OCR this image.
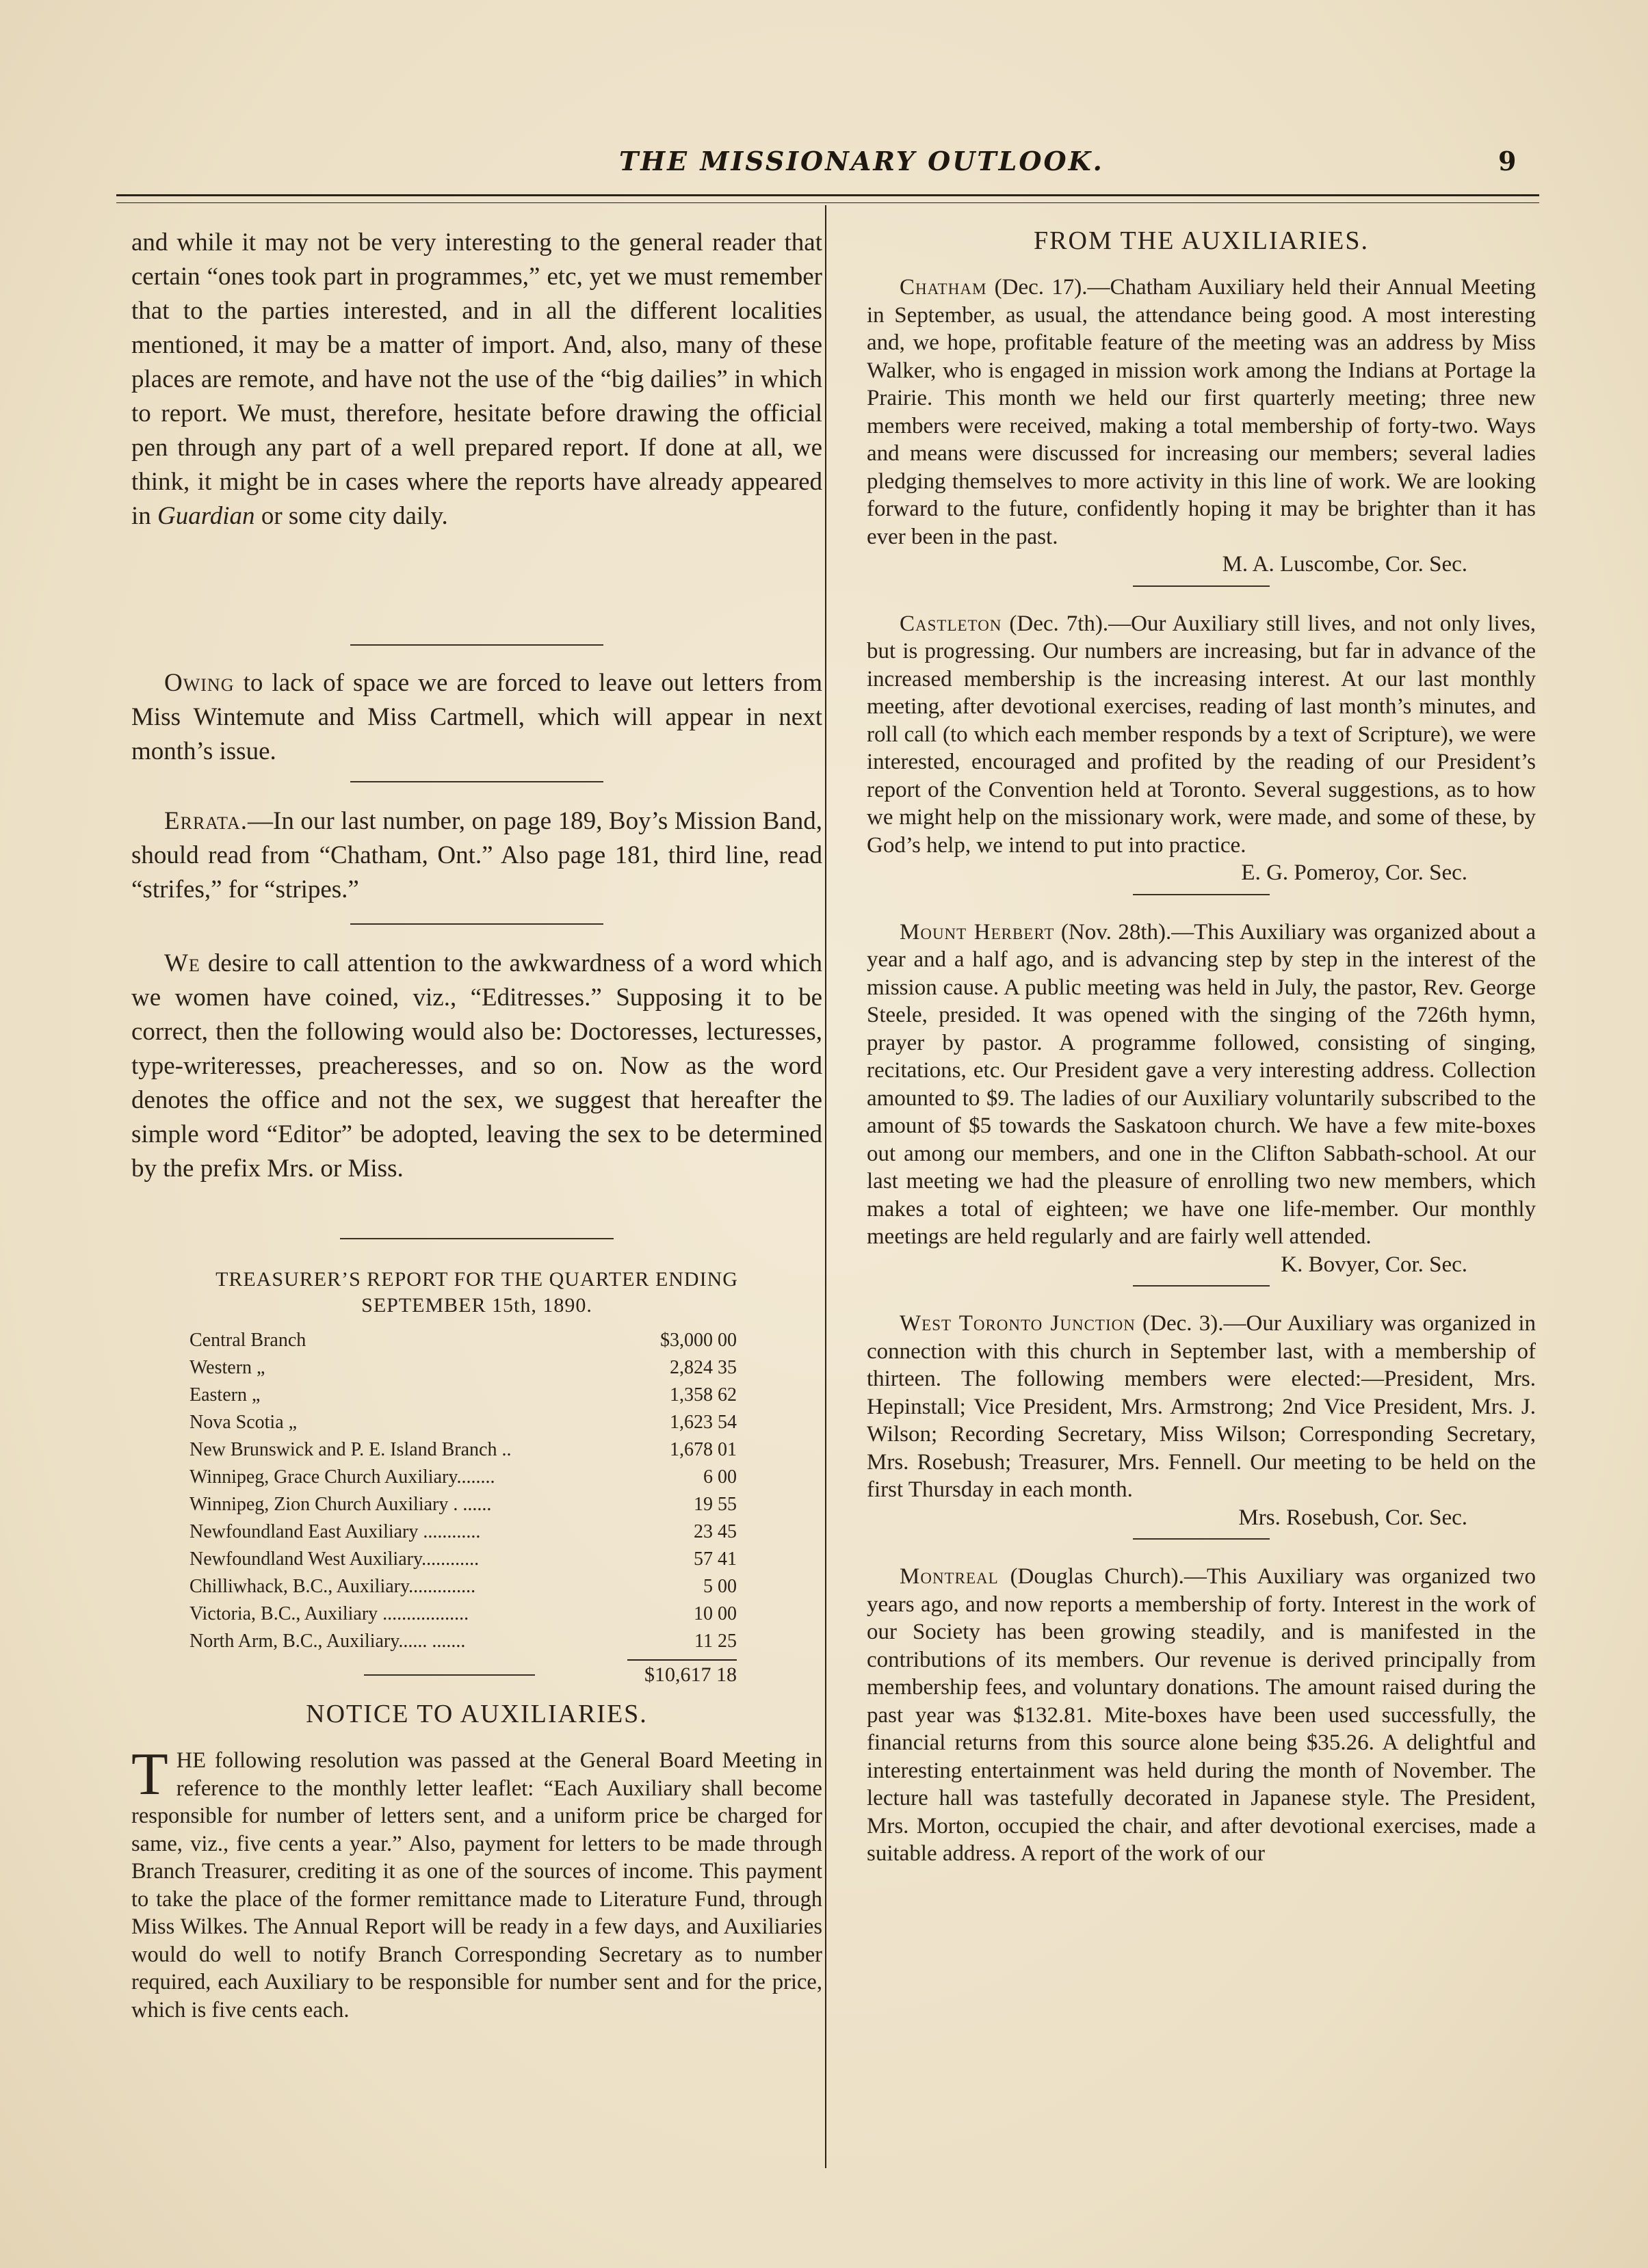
THE MISSIONARY OUTLOOK.	9

and while it may not be very interesting to the general reader that certain “ones took part in programmes,” etc, yet we must remember that to the parties interested, and in all the different localities mentioned, it may be a matter of import. And, also, many of these places are remote, and have not the use of the “big dailies” in which to report. We must, therefore, hesitate before drawing the official pen through any part of a well prepared report. If done at all, we think, it might be in cases where the reports have already appeared in Guardian or some city daily.

Owing to lack of space we are forced to leave out letters from Miss Wintemute and Miss Cartmell, which will appear in next month’s issue.

Errata.—In our last number, on page 189, Boy’s Mission Band, should read from “Chatham, Ont.” Also page 181, third line, read “strifes,” for “stripes.”

We desire to call attention to the awkwardness of a word which we women have coined, viz., “Editresses.” Supposing it to be correct, then the following would also be: Doctoresses, lecturesses, type-writeresses, preacheresses, and so on. Now as the word denotes the office and not the sex, we suggest that hereafter the simple word “Editor” be adopted, leaving the sex to be determined by the prefix Mrs. or Miss.

TREASURER’S REPORT FOR THE QUARTER ENDING
SEPTEMBER 15th, 1890.
Central Branch	$3,000 00
Western „	2,824 35
Eastern „	1,358 62
Nova Scotia „	1,623 54
New Brunswick and P. E. Island Branch ..	1,678 01
Winnipeg, Grace Church Auxiliary........	6 00
Winnipeg, Zion Church Auxiliary . ......	19 55
Newfoundland East Auxiliary ............	23 45
Newfoundland West Auxiliary............	57 41
Chilliwhack, B.C., Auxiliary..............	5 00
Victoria, B.C., Auxiliary ..................	10 00
North Arm, B.C., Auxiliary...... .......	11 25
$10,617 18
NOTICE TO AUXILIARIES.

THE following resolution was passed at the General Board Meeting in reference to the monthly letter leaflet: “Each Auxiliary shall become responsible for number of letters sent, and a uniform price be charged for same, viz., five cents a year.” Also, payment for letters to be made through Branch Treasurer, crediting it as one of the sources of income. This payment to take the place of the former remittance made to Literature Fund, through Miss Wilkes. The Annual Report will be ready in a few days, and Auxiliaries would do well to notify Branch Corresponding Secretary as to number required, each Auxiliary to be responsible for number sent and for the price, which is five cents each.

FROM THE AUXILIARIES.

Chatham (Dec. 17).—Chatham Auxiliary held their Annual Meeting in September, as usual, the attendance being good. A most interesting and, we hope, profitable feature of the meeting was an address by Miss Walker, who is engaged in mission work among the Indians at Portage la Prairie. This month we held our first quarterly meeting; three new members were received, making a total membership of forty-two. Ways and means were discussed for increasing our members; several ladies pledging themselves to more activity in this line of work. We are looking forward to the future, confidently hoping it may be brighter than it has ever been in the past.

M. A. Luscombe, Cor. Sec.

Castleton (Dec. 7th).—Our Auxiliary still lives, and not only lives, but is progressing. Our numbers are increasing, but far in advance of the increased membership is the increasing interest. At our last monthly meeting, after devotional exercises, reading of last month’s minutes, and roll call (to which each member responds by a text of Scripture), we were interested, encouraged and profited by the reading of our President’s report of the Convention held at Toronto. Several suggestions, as to how we might help on the missionary work, were made, and some of these, by God’s help, we intend to put into practice.

E. G. Pomeroy, Cor. Sec.

Mount Herbert (Nov. 28th).—This Auxiliary was organized about a year and a half ago, and is advancing step by step in the interest of the mission cause. A public meeting was held in July, the pastor, Rev. George Steele, presided. It was opened with the singing of the 726th hymn, prayer by pastor. A programme followed, consisting of singing, recitations, etc. Our President gave a very interesting address. Collection amounted to $9. The ladies of our Auxiliary voluntarily subscribed to the amount of $5 towards the Saskatoon church. We have a few mite-boxes out among our members, and one in the Clifton Sabbath-school. At our last meeting we had the pleasure of enrolling two new members, which makes a total of eighteen; we have one life-member. Our monthly meetings are held regularly and are fairly well attended.

K. Bovyer, Cor. Sec.

West Toronto Junction (Dec. 3).—Our Auxiliary was organized in connection with this church in September last, with a membership of thirteen. The following members were elected:—President, Mrs. Hepinstall; Vice President, Mrs. Armstrong; 2nd Vice President, Mrs. J. Wilson; Recording Secretary, Miss Wilson; Corresponding Secretary, Mrs. Rosebush; Treasurer, Mrs. Fennell. Our meeting to be held on the first Thursday in each month.

Mrs. Rosebush, Cor. Sec.

Montreal (Douglas Church).—This Auxiliary was organized two years ago, and now reports a membership of forty. Interest in the work of our Society has been growing steadily, and is manifested in the contributions of its members. Our revenue is derived principally from membership fees, and voluntary donations. The amount raised during the past year was $132.81. Mite-boxes have been used successfully, the financial returns from this source alone being $35.26. A delightful and interesting entertainment was held during the month of November. The lecture hall was tastefully decorated in Japanese style. The President, Mrs. Morton, occupied the chair, and after devotional exercises, made a suitable address. A report of the work of our
